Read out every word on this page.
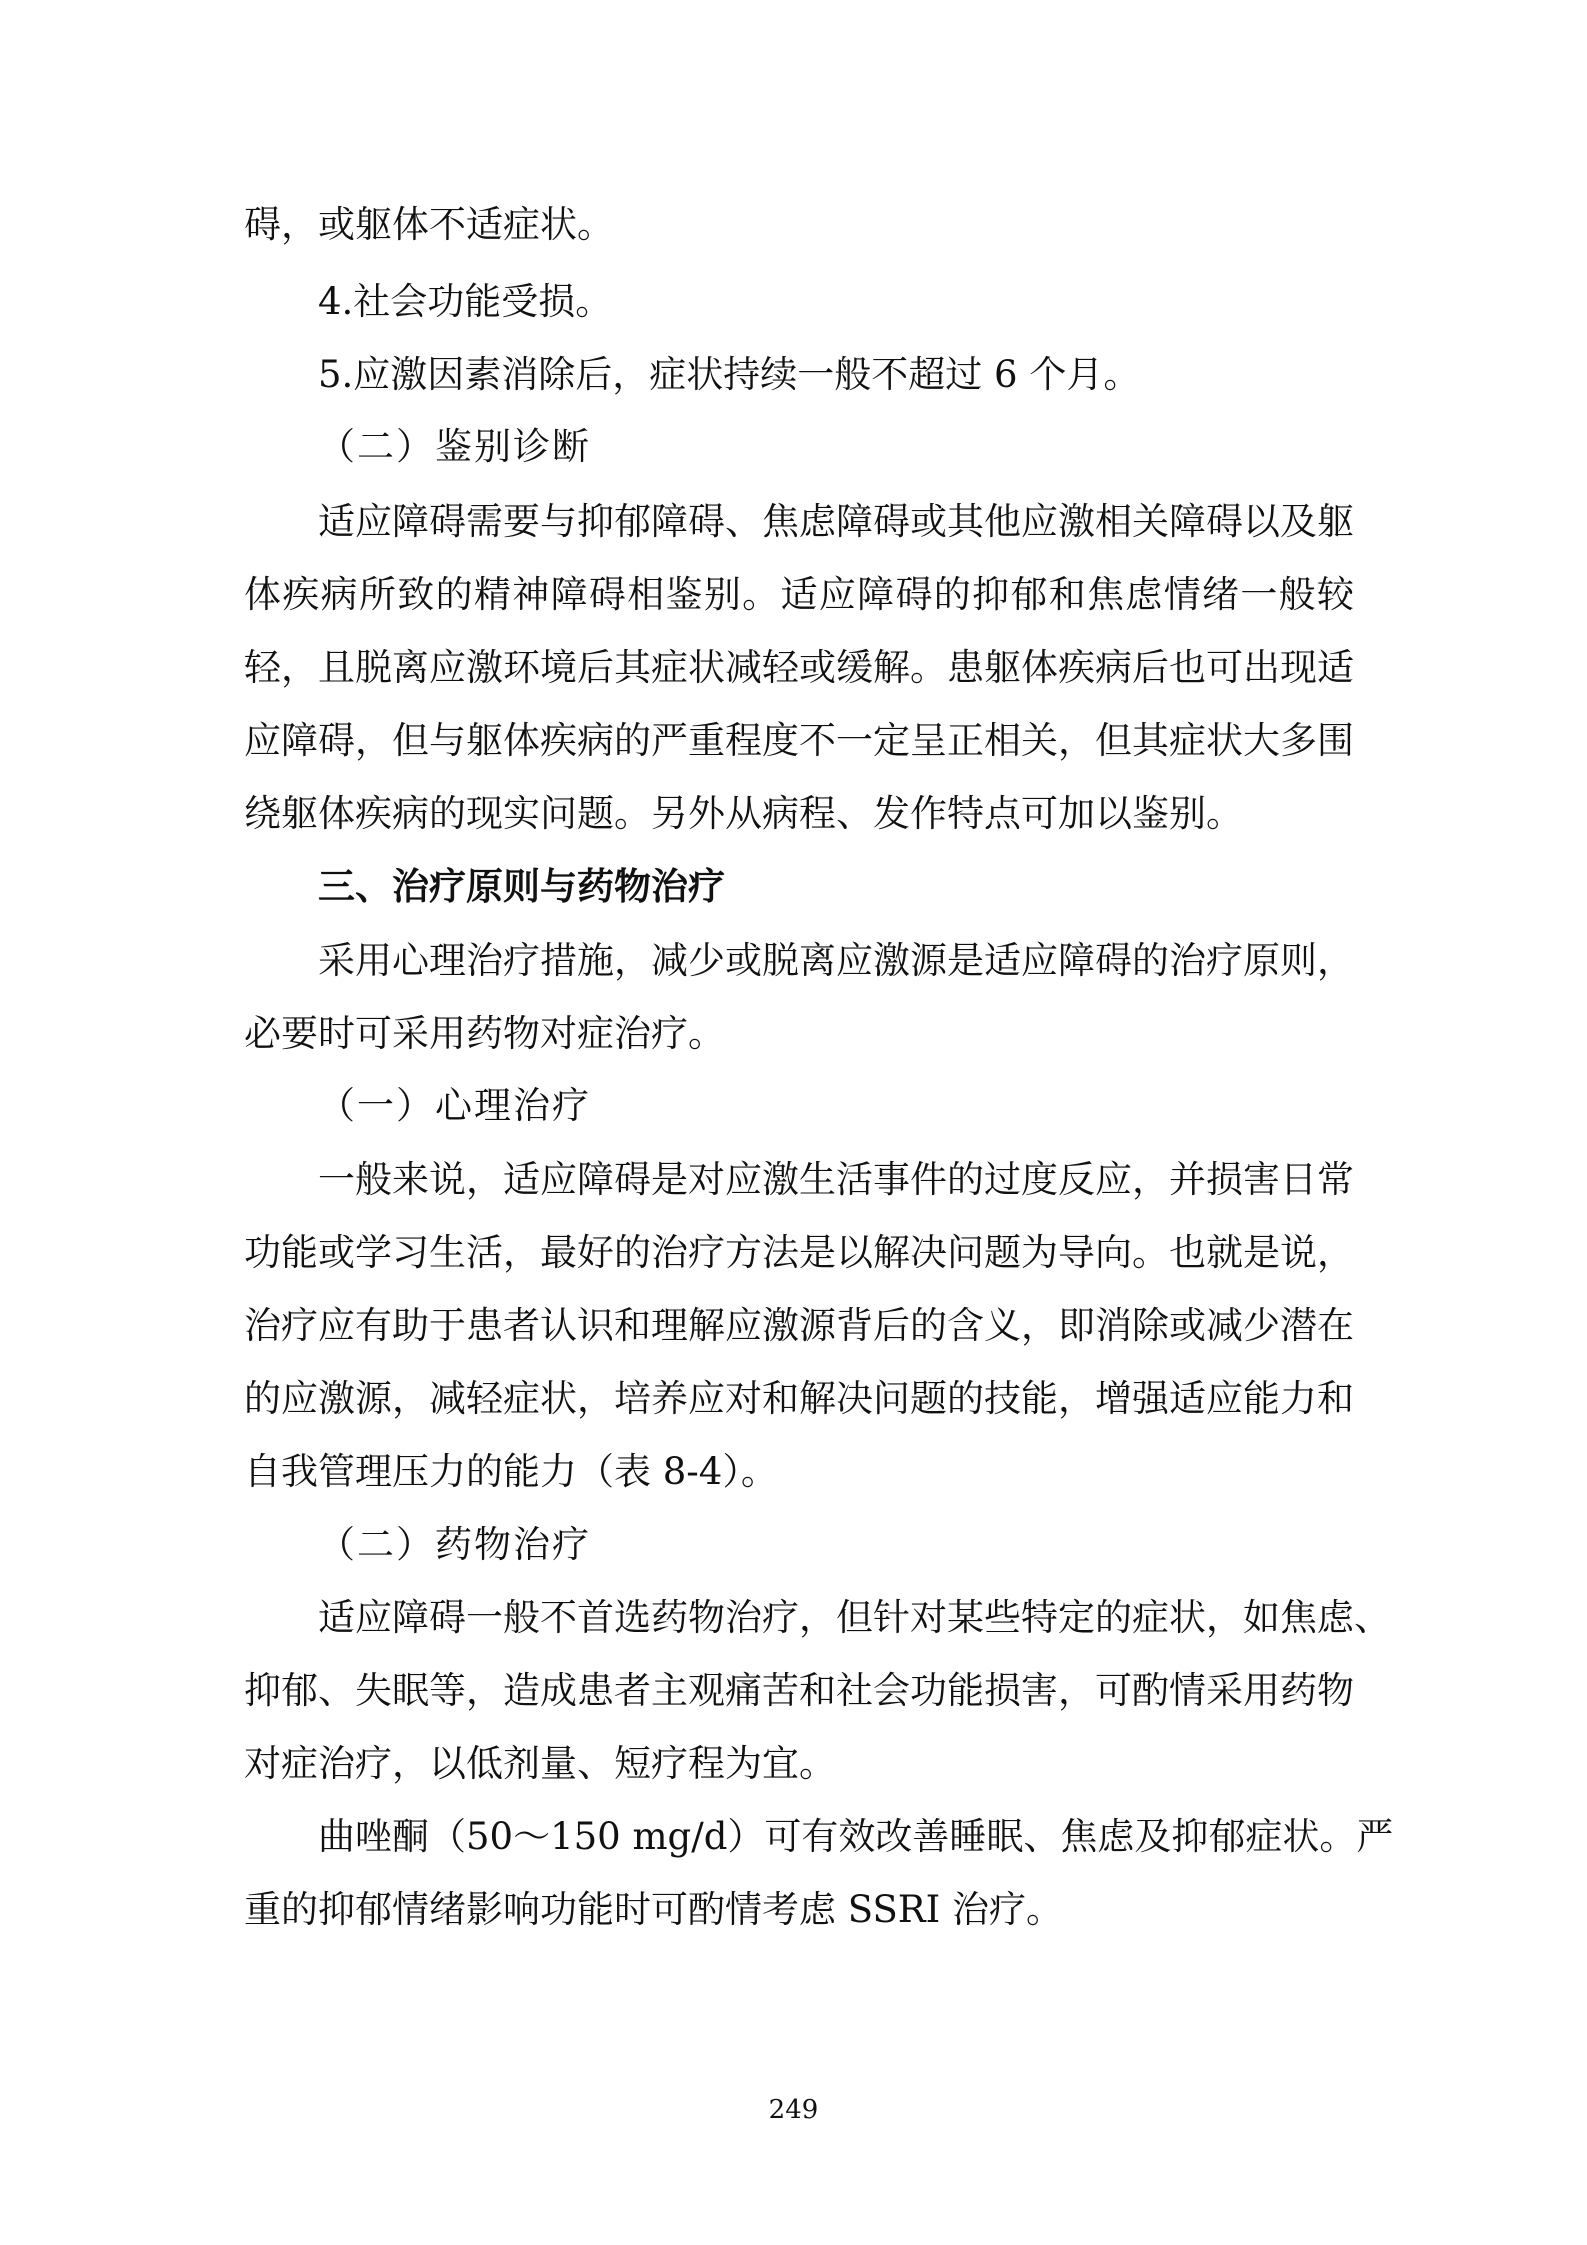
碍，或躯体不适症状。
4.社会功能受损。
5.应激因素消除后，症状持续一般不超过 6 个月。
（二）鉴别诊断
适应障碍需要与抑郁障碍、焦虑障碍或其他应激相关障碍以及躯
体疾病所致的精神障碍相鉴别。适应障碍的抑郁和焦虑情绪一般较
轻，且脱离应激环境后其症状减轻或缓解。患躯体疾病后也可出现适
应障碍，但与躯体疾病的严重程度不一定呈正相关，但其症状大多围
绕躯体疾病的现实问题。另外从病程、发作特点可加以鉴别。
三、治疗原则与药物治疗
采用心理治疗措施，减少或脱离应激源是适应障碍的治疗原则，
必要时可采用药物对症治疗。
（一）心理治疗
一般来说，适应障碍是对应激生活事件的过度反应，并损害日常
功能或学习生活，最好的治疗方法是以解决问题为导向。也就是说，
治疗应有助于患者认识和理解应激源背后的含义，即消除或减少潜在
的应激源，减轻症状，培养应对和解决问题的技能，增强适应能力和
自我管理压力的能力（表 8-4）。
（二）药物治疗
适应障碍一般不首选药物治疗，但针对某些特定的症状，如焦虑、
抑郁、失眠等，造成患者主观痛苦和社会功能损害，可酌情采用药物
对症治疗，以低剂量、短疗程为宜。
曲唑酮（50～150 mg/d）可有效改善睡眠、焦虑及抑郁症状。严
重的抑郁情绪影响功能时可酌情考虑 SSRI 治疗。
249
